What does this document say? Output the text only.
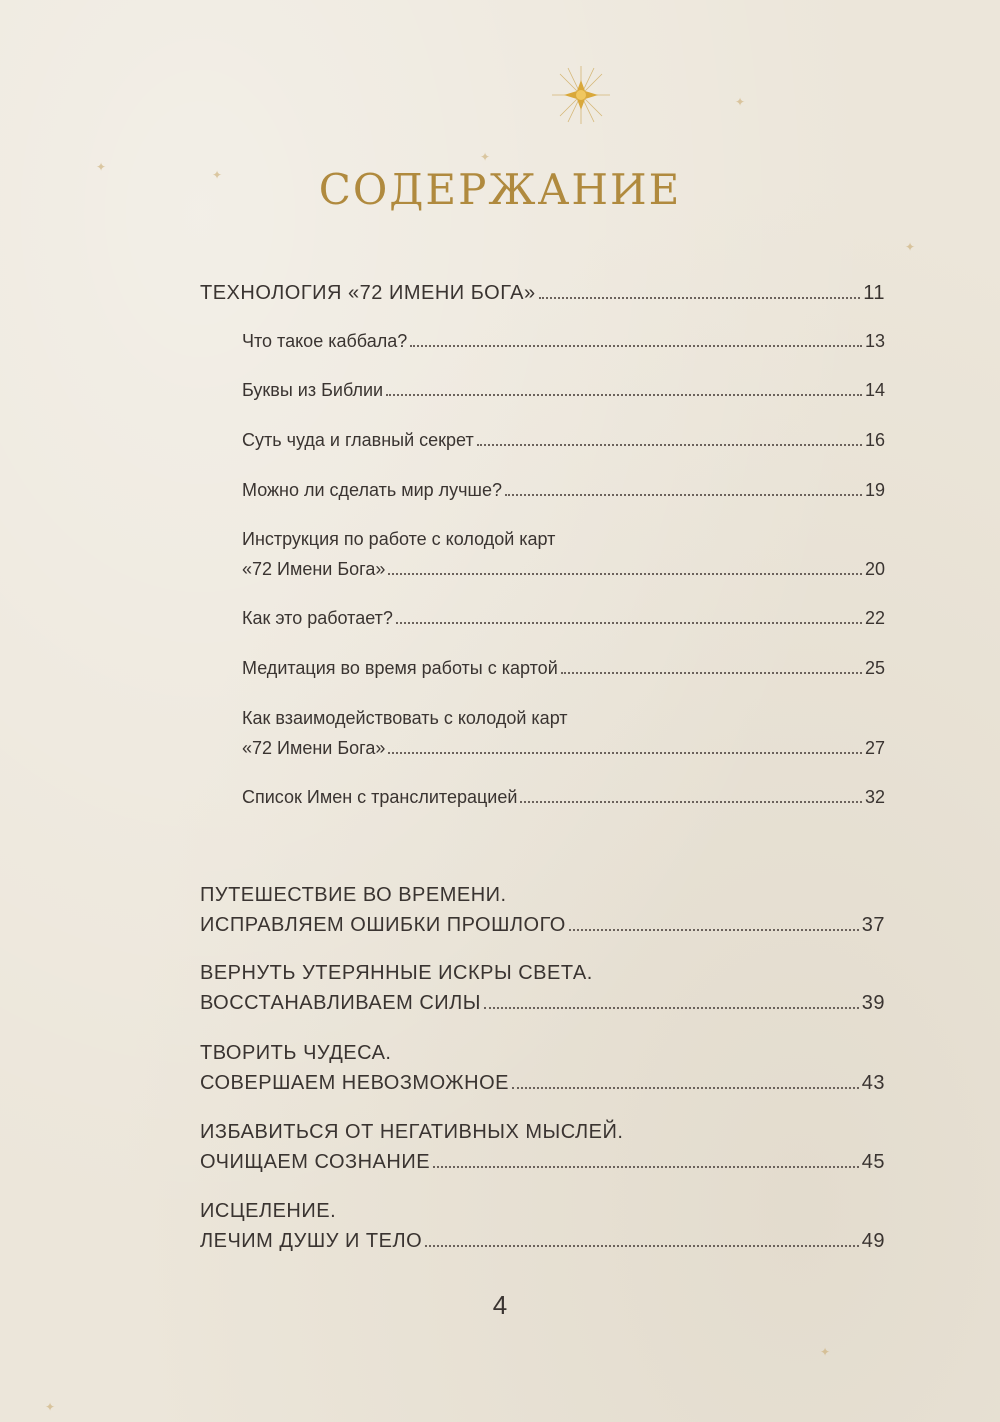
✦
✦
✦
✦
✦
✦
✦
СОДЕРЖАНИЕ
ТЕХНОЛОГИЯ «72 ИМЕНИ БОГА»	11
Что такое каббала?	13
Буквы из Библии	14
Суть чуда и главный секрет	16
Можно ли сделать мир лучше?	19
Инструкция по работе с колодой карт
«72 Имени Бога»	20
Как это работает?	22
Медитация во время работы с картой	25
Как взаимодействовать с колодой карт
«72 Имени Бога»	27
Список Имен с транслитерацией	32
ПУТЕШЕСТВИЕ ВО ВРЕМЕНИ.
ИСПРАВЛЯЕМ ОШИБКИ ПРОШЛОГО	37
ВЕРНУТЬ УТЕРЯННЫЕ ИСКРЫ СВЕТА.
ВОССТАНАВЛИВАЕМ СИЛЫ	39
ТВОРИТЬ ЧУДЕСА.
СОВЕРШАЕМ НЕВОЗМОЖНОЕ	43
ИЗБАВИТЬСЯ ОТ НЕГАТИВНЫХ МЫСЛЕЙ.
ОЧИЩАЕМ СОЗНАНИЕ	45
ИСЦЕЛЕНИЕ.
ЛЕЧИМ ДУШУ И ТЕЛО	49
4
